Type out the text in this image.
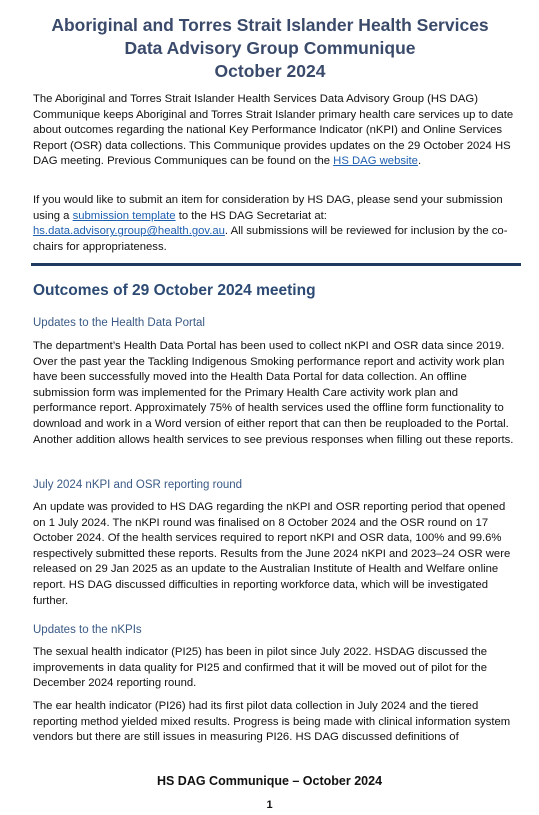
Aboriginal and Torres Strait Islander Health Services
Data Advisory Group Communique
October 2024

The Aboriginal and Torres Strait Islander Health Services Data Advisory Group (HS DAG) Communique keeps Aboriginal and Torres Strait Islander primary health care services up to date about outcomes regarding the national Key Performance Indicator (nKPI) and Online Services Report (OSR) data collections. This Communique provides updates on the 29 October 2024 HS DAG meeting. Previous Communiques can be found on the HS DAG website.

If you would like to submit an item for consideration by HS DAG, please send your submission using a submission template to the HS DAG Secretariat at: hs.data.advisory.group@health.gov.au. All submissions will be reviewed for inclusion by the co-chairs for appropriateness.

Outcomes of 29 October 2024 meeting
Updates to the Health Data Portal

The department’s Health Data Portal has been used to collect nKPI and OSR data since 2019. Over the past year the Tackling Indigenous Smoking performance report and activity work plan have been successfully moved into the Health Data Portal for data collection. An offline submission form was implemented for the Primary Health Care activity work plan and performance report. Approximately 75% of health services used the offline form functionality to download and work in a Word version of either report that can then be reuploaded to the Portal. Another addition allows health services to see previous responses when filling out these reports.

July 2024 nKPI and OSR reporting round

An update was provided to HS DAG regarding the nKPI and OSR reporting period that opened on 1 July 2024. The nKPI round was finalised on 8 October 2024 and the OSR round on 17 October 2024. Of the health services required to report nKPI and OSR data, 100% and 99.6% respectively submitted these reports. Results from the June 2024 nKPI and 2023–24 OSR were released on 29 Jan 2025 as an update to the Australian Institute of Health and Welfare online report. HS DAG discussed difficulties in reporting workforce data, which will be investigated further.

Updates to the nKPIs

The sexual health indicator (PI25) has been in pilot since July 2022. HSDAG discussed the improvements in data quality for PI25 and confirmed that it will be moved out of pilot for the December 2024 reporting round.

The ear health indicator (PI26) had its first pilot data collection in July 2024 and the tiered reporting method yielded mixed results. Progress is being made with clinical information system vendors but there are still issues in measuring PI26. HS DAG discussed definitions of

HS DAG Communique – October 2024
1
